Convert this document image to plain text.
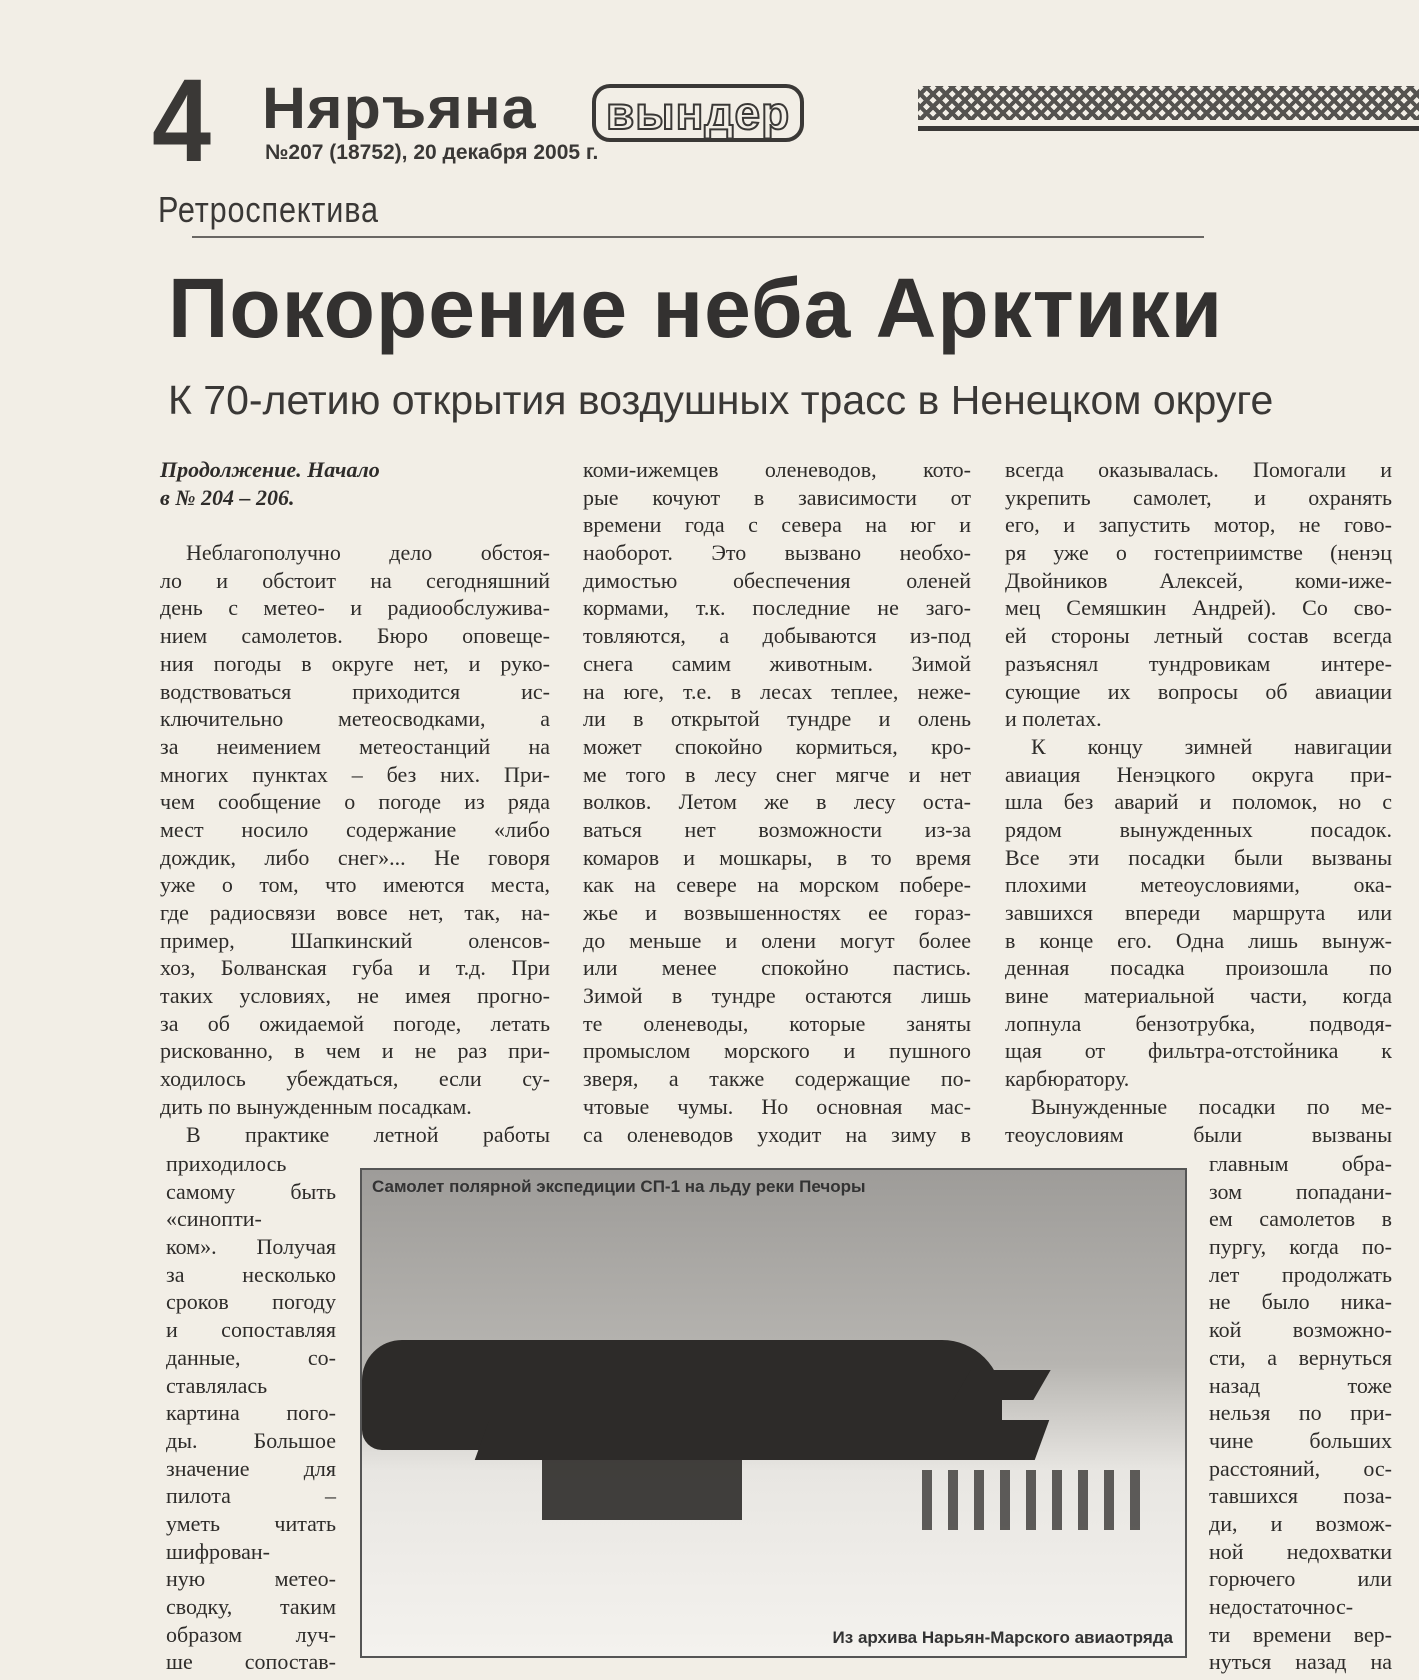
4 Няръяна	вындер
№207 (18752), 20 декабря 2005 г.
Ретроспектива
Покорение неба Арктики
К 70-летию открытия воздушных трасс в Ненецком округе
Продолжение. Начало
в № 204 – 206.
Неблагополучно дело обстоя-
ло и обстоит на сегодняшний
день с метео- и радиообслужива-
нием самолетов. Бюро оповеще-
ния погоды в округе нет, и руко-
водствоваться приходится ис-
ключительно метеосводками, а
за неимением метеостанций на
многих пунктах – без них. При-
чем сообщение о погоде из ряда
мест носило содержание «либо
дождик, либо снег»... Не говоря
уже о том, что имеются места,
где радиосвязи вовсе нет, так, на-
пример, Шапкинский оленсов-
хоз, Болванская губа и т.д. При
таких условиях, не имея прогно-
за об ожидаемой погоде, летать
рискованно, в чем и не раз при-
ходилось убеждаться, если су-
дить по вынужденным посадкам.
В практике летной работы
коми-ижемцев оленеводов, кото-
рые кочуют в зависимости от
времени года с севера на юг и
наоборот. Это вызвано необхо-
димостью обеспечения оленей
кормами, т.к. последние не заго-
товляются, а добываются из-под
снега самим животным. Зимой
на юге, т.е. в лесах теплее, неже-
ли в открытой тундре и олень
может спокойно кормиться, кро-
ме того в лесу снег мягче и нет
волков. Летом же в лесу оста-
ваться нет возможности из-за
комаров и мошкары, в то время
как на севере на морском побере-
жье и возвышенностях ее гораз-
до меньше и олени могут более
или менее спокойно пастись.
Зимой в тундре остаются лишь
те оленеводы, которые заняты
промыслом морского и пушного
зверя, а также содержащие по-
чтовые чумы. Но основная мас-
са оленеводов уходит на зиму в
всегда оказывалась. Помогали и
укрепить самолет, и охранять
его, и запустить мотор, не гово-
ря уже о гостеприимстве (ненэц
Двойников Алексей, коми-иже-
мец Семяшкин Андрей). Со сво-
ей стороны летный состав всегда
разъяснял тундровикам интере-
сующие их вопросы об авиации
и полетах.
К концу зимней навигации
авиация Ненэцкого округа при-
шла без аварий и поломок, но с
рядом вынужденных посадок.
Все эти посадки были вызваны
плохими метеоусловиями, ока-
завшихся впереди маршрута или
в конце его. Одна лишь вынуж-
денная посадка произошла по
вине материальной части, когда
лопнула бензотрубка, подводя-
щая от фильтра-отстойника к
карбюратору.
Вынужденные посадки по ме-
теоусловиям были вызваны
приходилось
самому быть
«синопти-
ком». Получая
за несколько
сроков погоду
и сопоставляя
данные, со-
ставлялась
картина пого-
ды. Большое
значение для
пилота –
уметь читать
шифрован-
ную метео-
сводку, таким
образом луч-
ше сопостав-
главным обра-
зом попадани-
ем самолетов в
пургу, когда по-
лет продолжать
не было никa-
кой возможно-
сти, а вернуться
назад тоже
нельзя по при-
чине больших
расстояний, ос-
тавшихся поза-
ди, и возмож-
ной недохватки
горючего или
недостаточнос-
ти времени вер-
нуться назад на
Самолет полярной экспедиции СП-1 на льду реки Печоры
Из архива Нарьян-Марского авиаотряда
